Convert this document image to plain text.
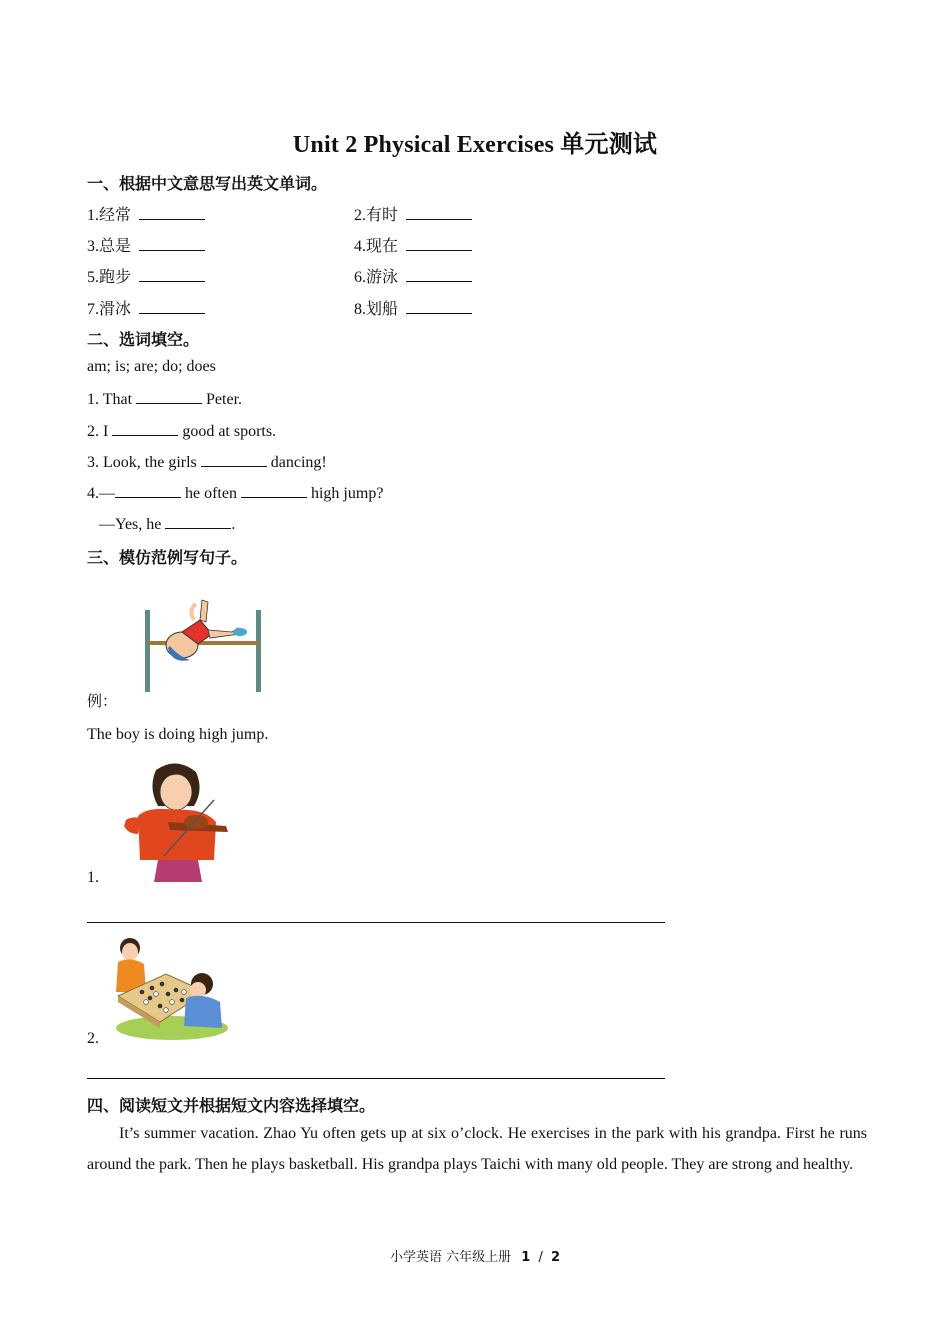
Unit 2 Physical Exercises 单元测试
一、根据中文意思写出英文单词。
1.经常	2.有时
3.总是	4.现在
5.跑步	6.游泳
7.滑冰	8.划船
二、选词填空。
am; is; are; do; does
1. That	Peter.
2. I	good at sports.
3. Look, the girls	dancing!
4.—	he often	high jump?
—Yes, he	.
三、模仿范例写句子。
例：
The boy is doing high jump.
1.
2.
四、阅读短文并根据短文内容选择填空。
It’s summer vacation. Zhao Yu often gets up at six o’clock. He exercises in the park with his grandpa. First he runs around the park. Then he plays basketball. His grandpa plays Taichi with many old people. They are strong and healthy.
小学英语 六年级上册 1 / 2
